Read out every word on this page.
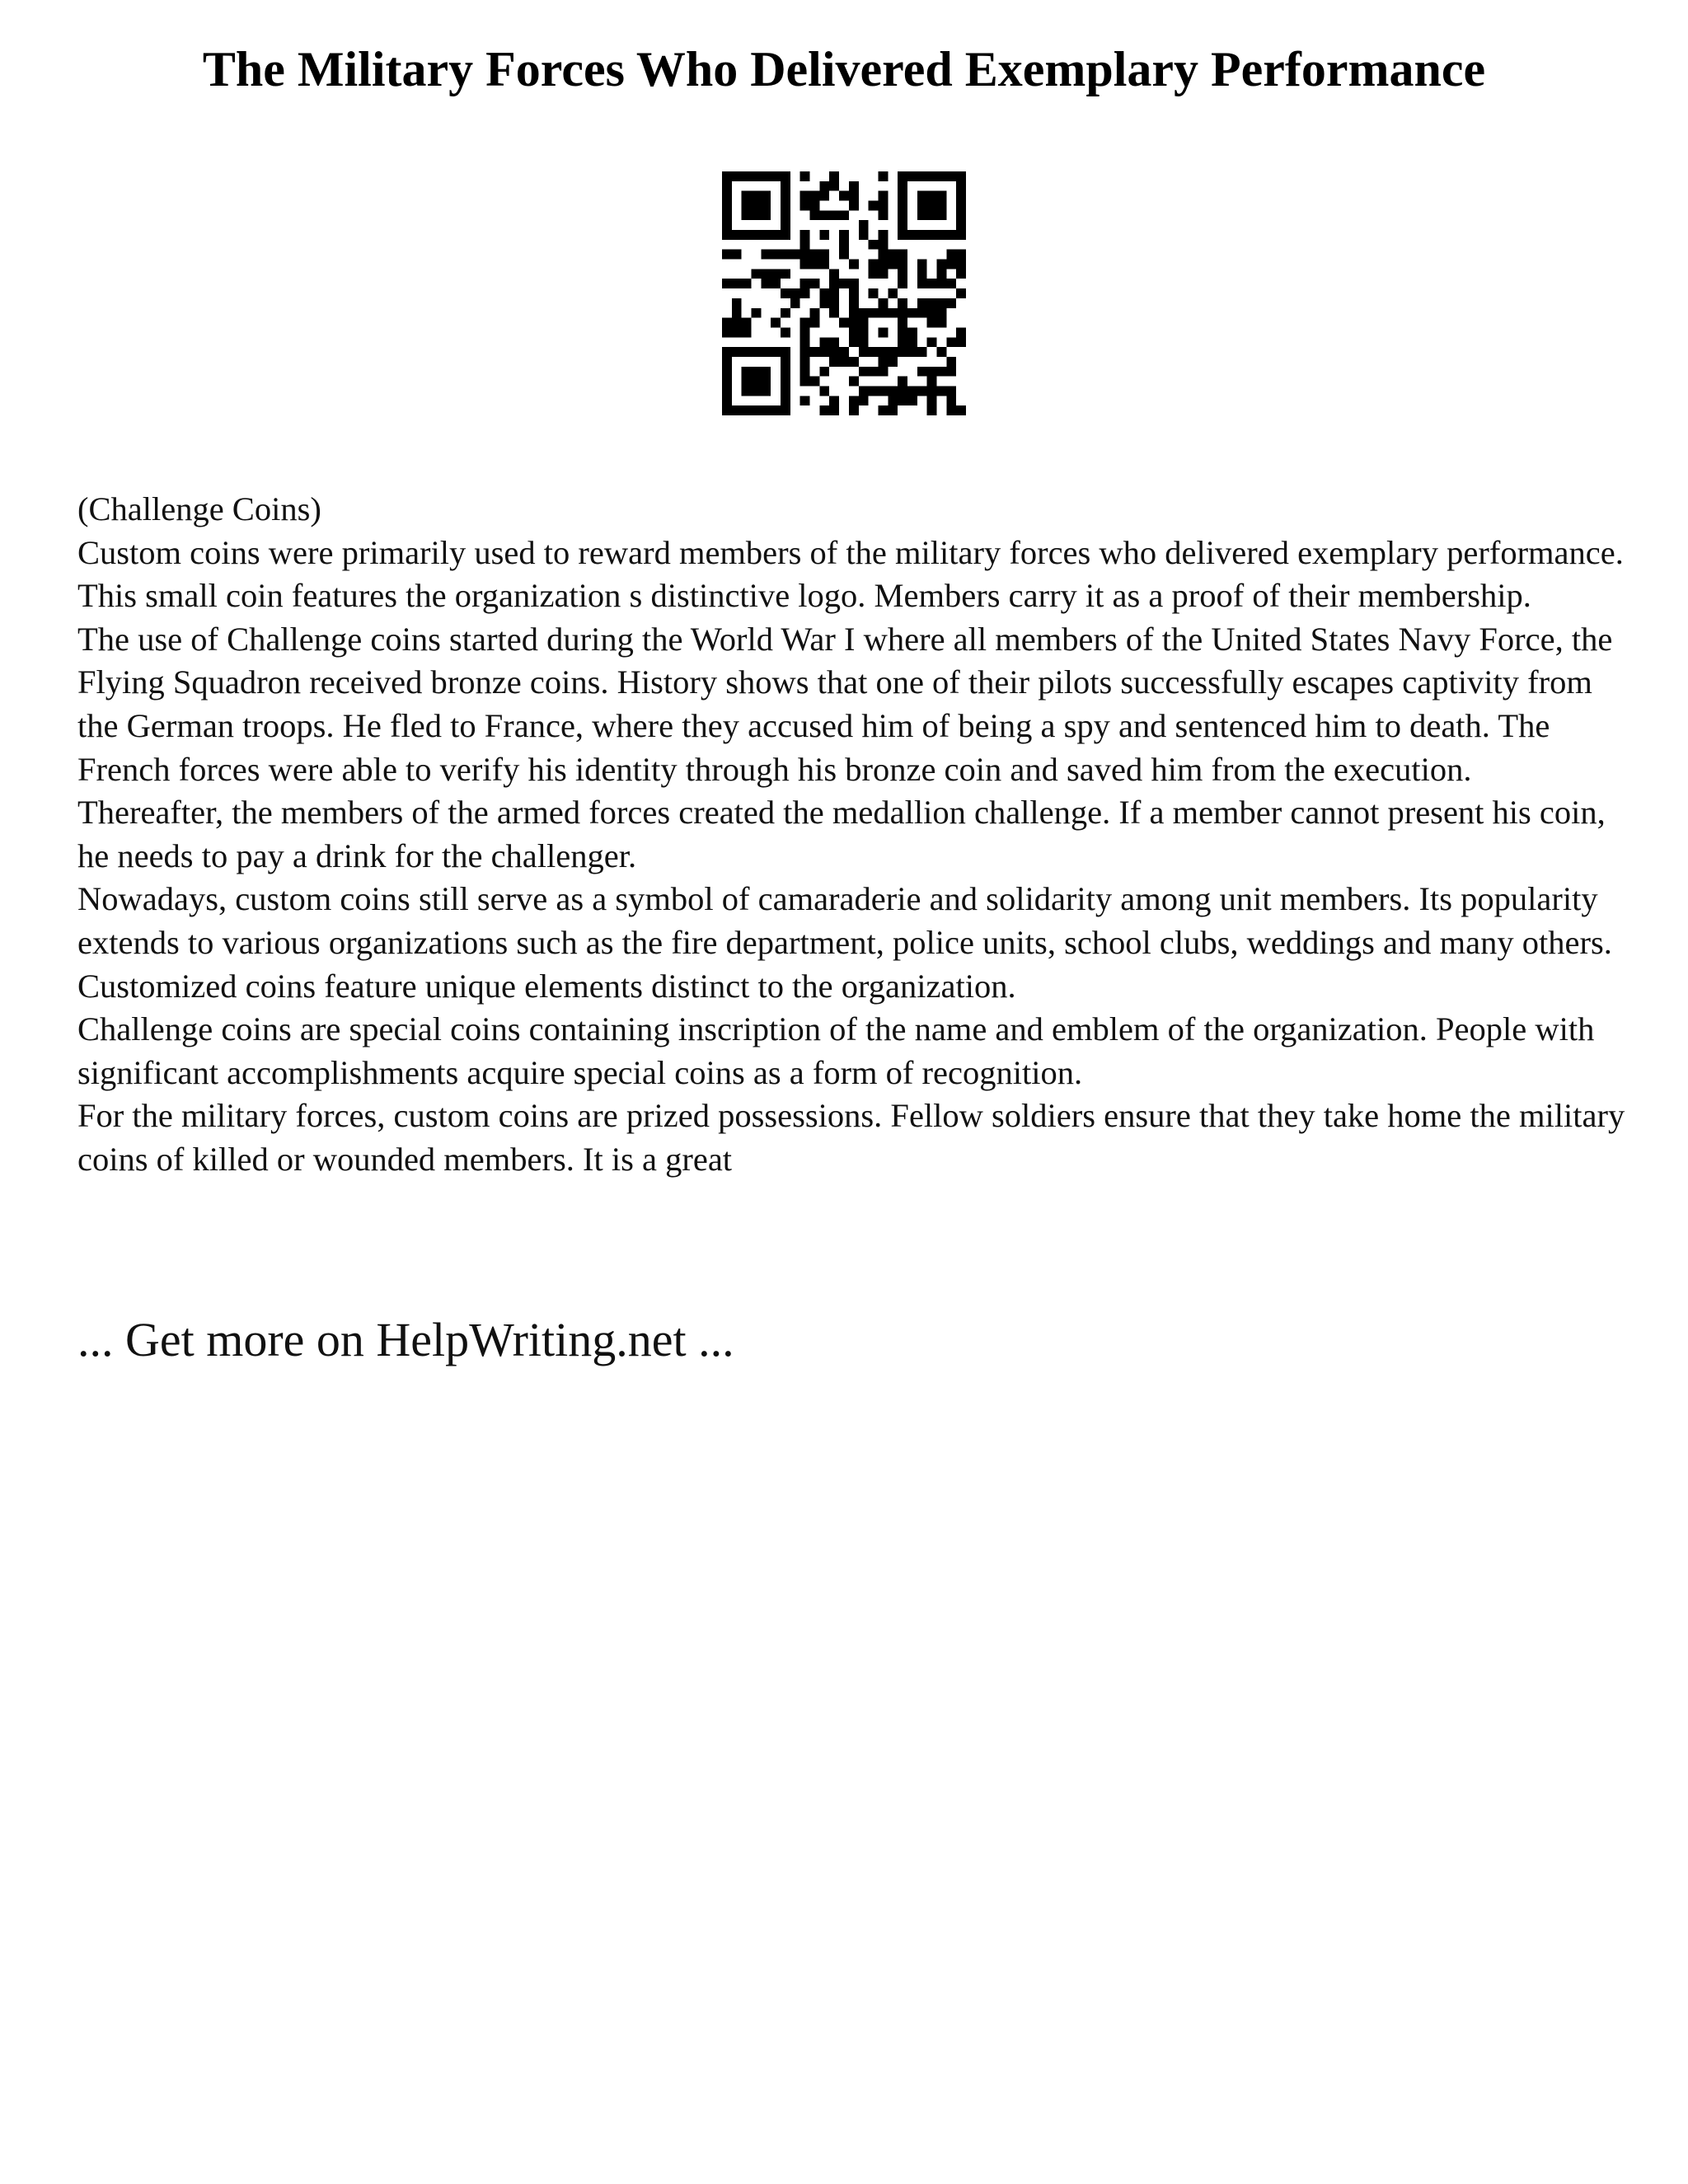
The Military Forces Who Delivered Exemplary Performance

(Challenge Coins)

Custom coins were primarily used to reward members of the military forces who delivered exemplary performance. This small coin features the organization s distinctive logo. Members carry it as a proof of their membership.

The use of Challenge coins started during the World War I where all members of the United States Navy Force, the Flying Squadron received bronze coins. History shows that one of their pilots successfully escapes captivity from the German troops. He fled to France, where they accused him of being a spy and sentenced him to death. The French forces were able to verify his identity through his bronze coin and saved him from the execution.

Thereafter, the members of the armed forces created the medallion challenge. If a member cannot present his coin, he needs to pay a drink for the challenger.

Nowadays, custom coins still serve as a symbol of camaraderie and solidarity among unit members. Its popularity extends to various organizations such as the fire department, police units, school clubs, weddings and many others. Customized coins feature unique elements distinct to the organization.

Challenge coins are special coins containing inscription of the name and emblem of the organization. People with significant accomplishments acquire special coins as a form of recognition.

For the military forces, custom coins are prized possessions. Fellow soldiers ensure that they take home the military coins of killed or wounded members. It is a great

... Get more on HelpWriting.net ...
